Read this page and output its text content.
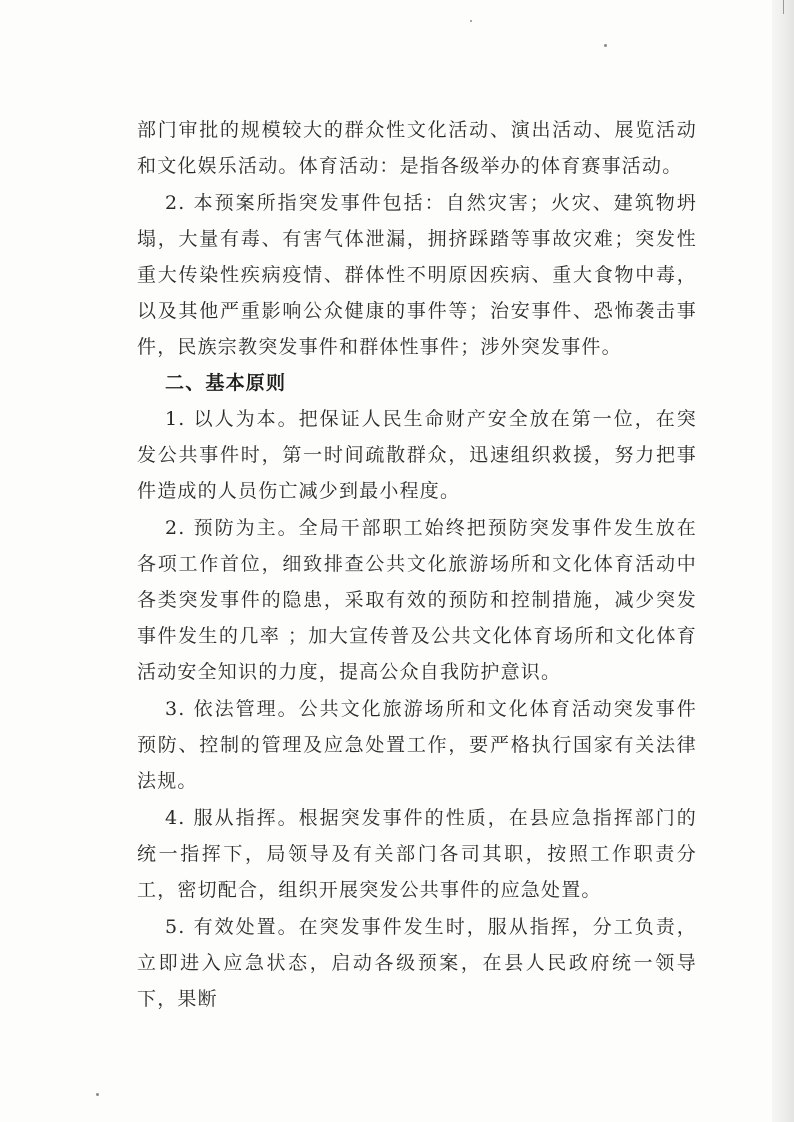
部门审批的规模较大的群众性文化活动、演出活动、展览活动和文化娱乐活动。体育活动：是指各级举办的体育赛事活动。

2. 本预案所指突发事件包括：自然灾害；火灾、建筑物坍塌，大量有毒、有害气体泄漏，拥挤踩踏等事故灾难；突发性重大传染性疾病疫情、群体性不明原因疾病、重大食物中毒，以及其他严重影响公众健康的事件等；治安事件、恐怖袭击事件，民族宗教突发事件和群体性事件；涉外突发事件。

二、基本原则

1. 以人为本。把保证人民生命财产安全放在第一位，在突发公共事件时，第一时间疏散群众，迅速组织救援，努力把事件造成的人员伤亡减少到最小程度。

2. 预防为主。全局干部职工始终把预防突发事件发生放在各项工作首位，细致排查公共文化旅游场所和文化体育活动中各类突发事件的隐患，采取有效的预防和控制措施，减少突发事件发生的几率 ；加大宣传普及公共文化体育场所和文化体育活动安全知识的力度，提高公众自我防护意识。

3. 依法管理。公共文化旅游场所和文化体育活动突发事件预防、控制的管理及应急处置工作，要严格执行国家有关法律法规。

4. 服从指挥。根据突发事件的性质，在县应急指挥部门的统一指挥下，局领导及有关部门各司其职，按照工作职责分工，密切配合，组织开展突发公共事件的应急处置。

5. 有效处置。在突发事件发生时，服从指挥，分工负责，立即进入应急状态，启动各级预案，在县人民政府统一领导下，果断
